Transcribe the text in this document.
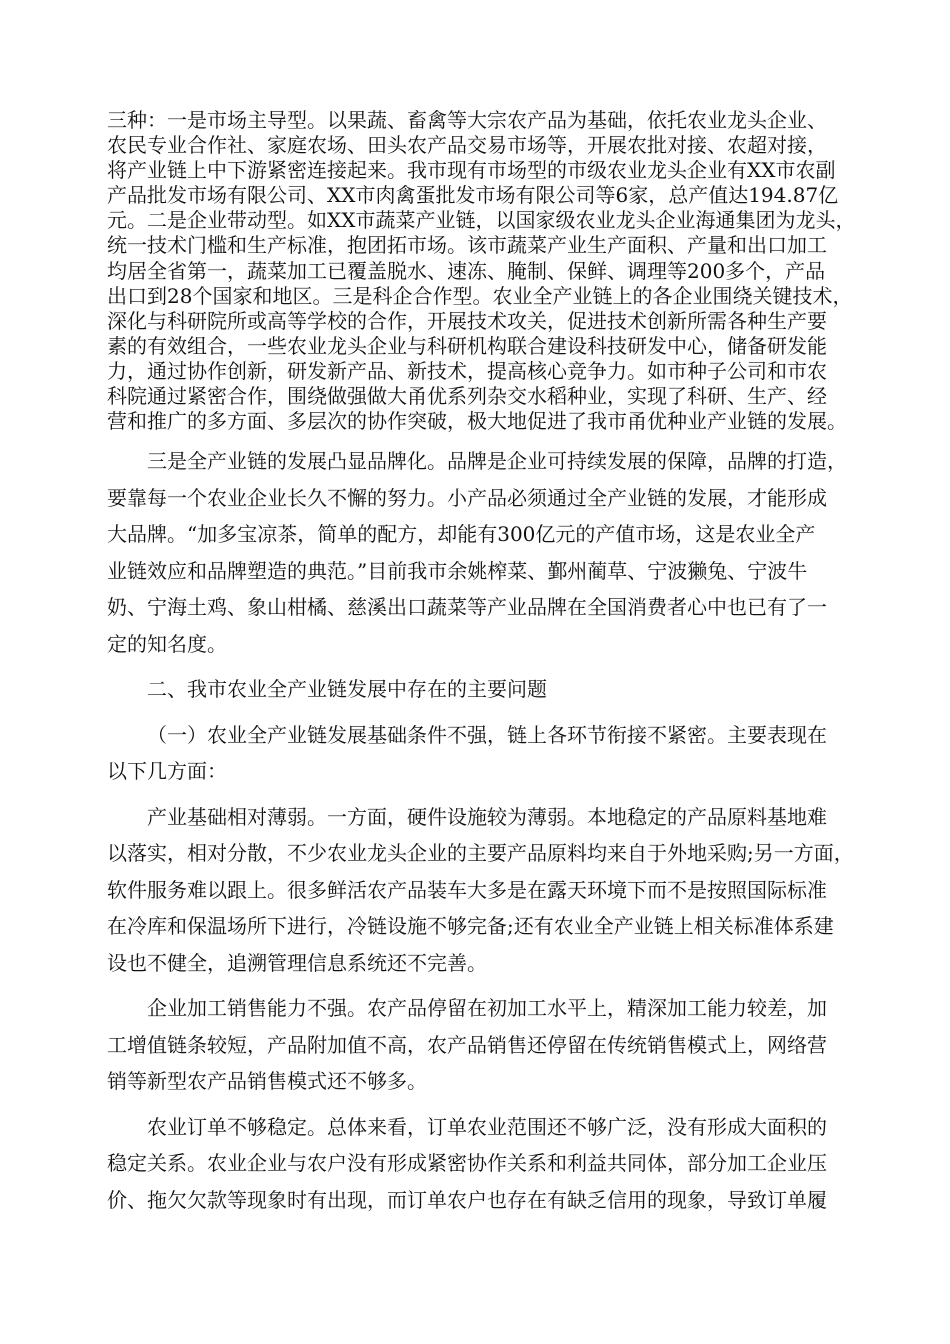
三种：一是市场主导型。以果蔬、畜禽等大宗农产品为基础，依托农业龙头企业、
农民专业合作社、家庭农场、田头农产品交易市场等，开展农批对接、农超对接，
将产业链上中下游紧密连接起来。我市现有市场型的市级农业龙头企业有XX市农副
产品批发市场有限公司、XX市肉禽蛋批发市场有限公司等6家，总产值达194.87亿
元。二是企业带动型。如XX市蔬菜产业链，以国家级农业龙头企业海通集团为龙头，
统一技术门槛和生产标准，抱团拓市场。该市蔬菜产业生产面积、产量和出口加工
均居全省第一，蔬菜加工已覆盖脱水、速冻、腌制、保鲜、调理等200多个，产品
出口到28个国家和地区。三是科企合作型。农业全产业链上的各企业围绕关键技术，
深化与科研院所或高等学校的合作，开展技术攻关，促进技术创新所需各种生产要
素的有效组合，一些农业龙头企业与科研机构联合建设科技研发中心，储备研发能
力，通过协作创新，研发新产品、新技术，提高核心竞争力。如市种子公司和市农
科院通过紧密合作，围绕做强做大甬优系列杂交水稻种业，实现了科研、生产、经
营和推广的多方面、多层次的协作突破，极大地促进了我市甬优种业产业链的发展。
三是全产业链的发展凸显品牌化。品牌是企业可持续发展的保障，品牌的打造，
要靠每一个农业企业长久不懈的努力。小产品必须通过全产业链的发展，才能形成
大品牌。“加多宝凉茶，简单的配方，却能有300亿元的产值市场，这是农业全产
业链效应和品牌塑造的典范。”目前我市余姚榨菜、鄞州蔺草、宁波獭兔、宁波牛
奶、宁海土鸡、象山柑橘、慈溪出口蔬菜等产业品牌在全国消费者心中也已有了一
定的知名度。
二、我市农业全产业链发展中存在的主要问题
（一）农业全产业链发展基础条件不强，链上各环节衔接不紧密。主要表现在
以下几方面：
产业基础相对薄弱。一方面，硬件设施较为薄弱。本地稳定的产品原料基地难
以落实，相对分散，不少农业龙头企业的主要产品原料均来自于外地采购;另一方面，
软件服务难以跟上。很多鲜活农产品装车大多是在露天环境下而不是按照国际标准
在冷库和保温场所下进行，冷链设施不够完备;还有农业全产业链上相关标准体系建
设也不健全，追溯管理信息系统还不完善。
企业加工销售能力不强。农产品停留在初加工水平上，精深加工能力较差，加
工增值链条较短，产品附加值不高，农产品销售还停留在传统销售模式上，网络营
销等新型农产品销售模式还不够多。
农业订单不够稳定。总体来看，订单农业范围还不够广泛，没有形成大面积的
稳定关系。农业企业与农户没有形成紧密协作关系和利益共同体，部分加工企业压
价、拖欠欠款等现象时有出现，而订单农户也存在有缺乏信用的现象，导致订单履
